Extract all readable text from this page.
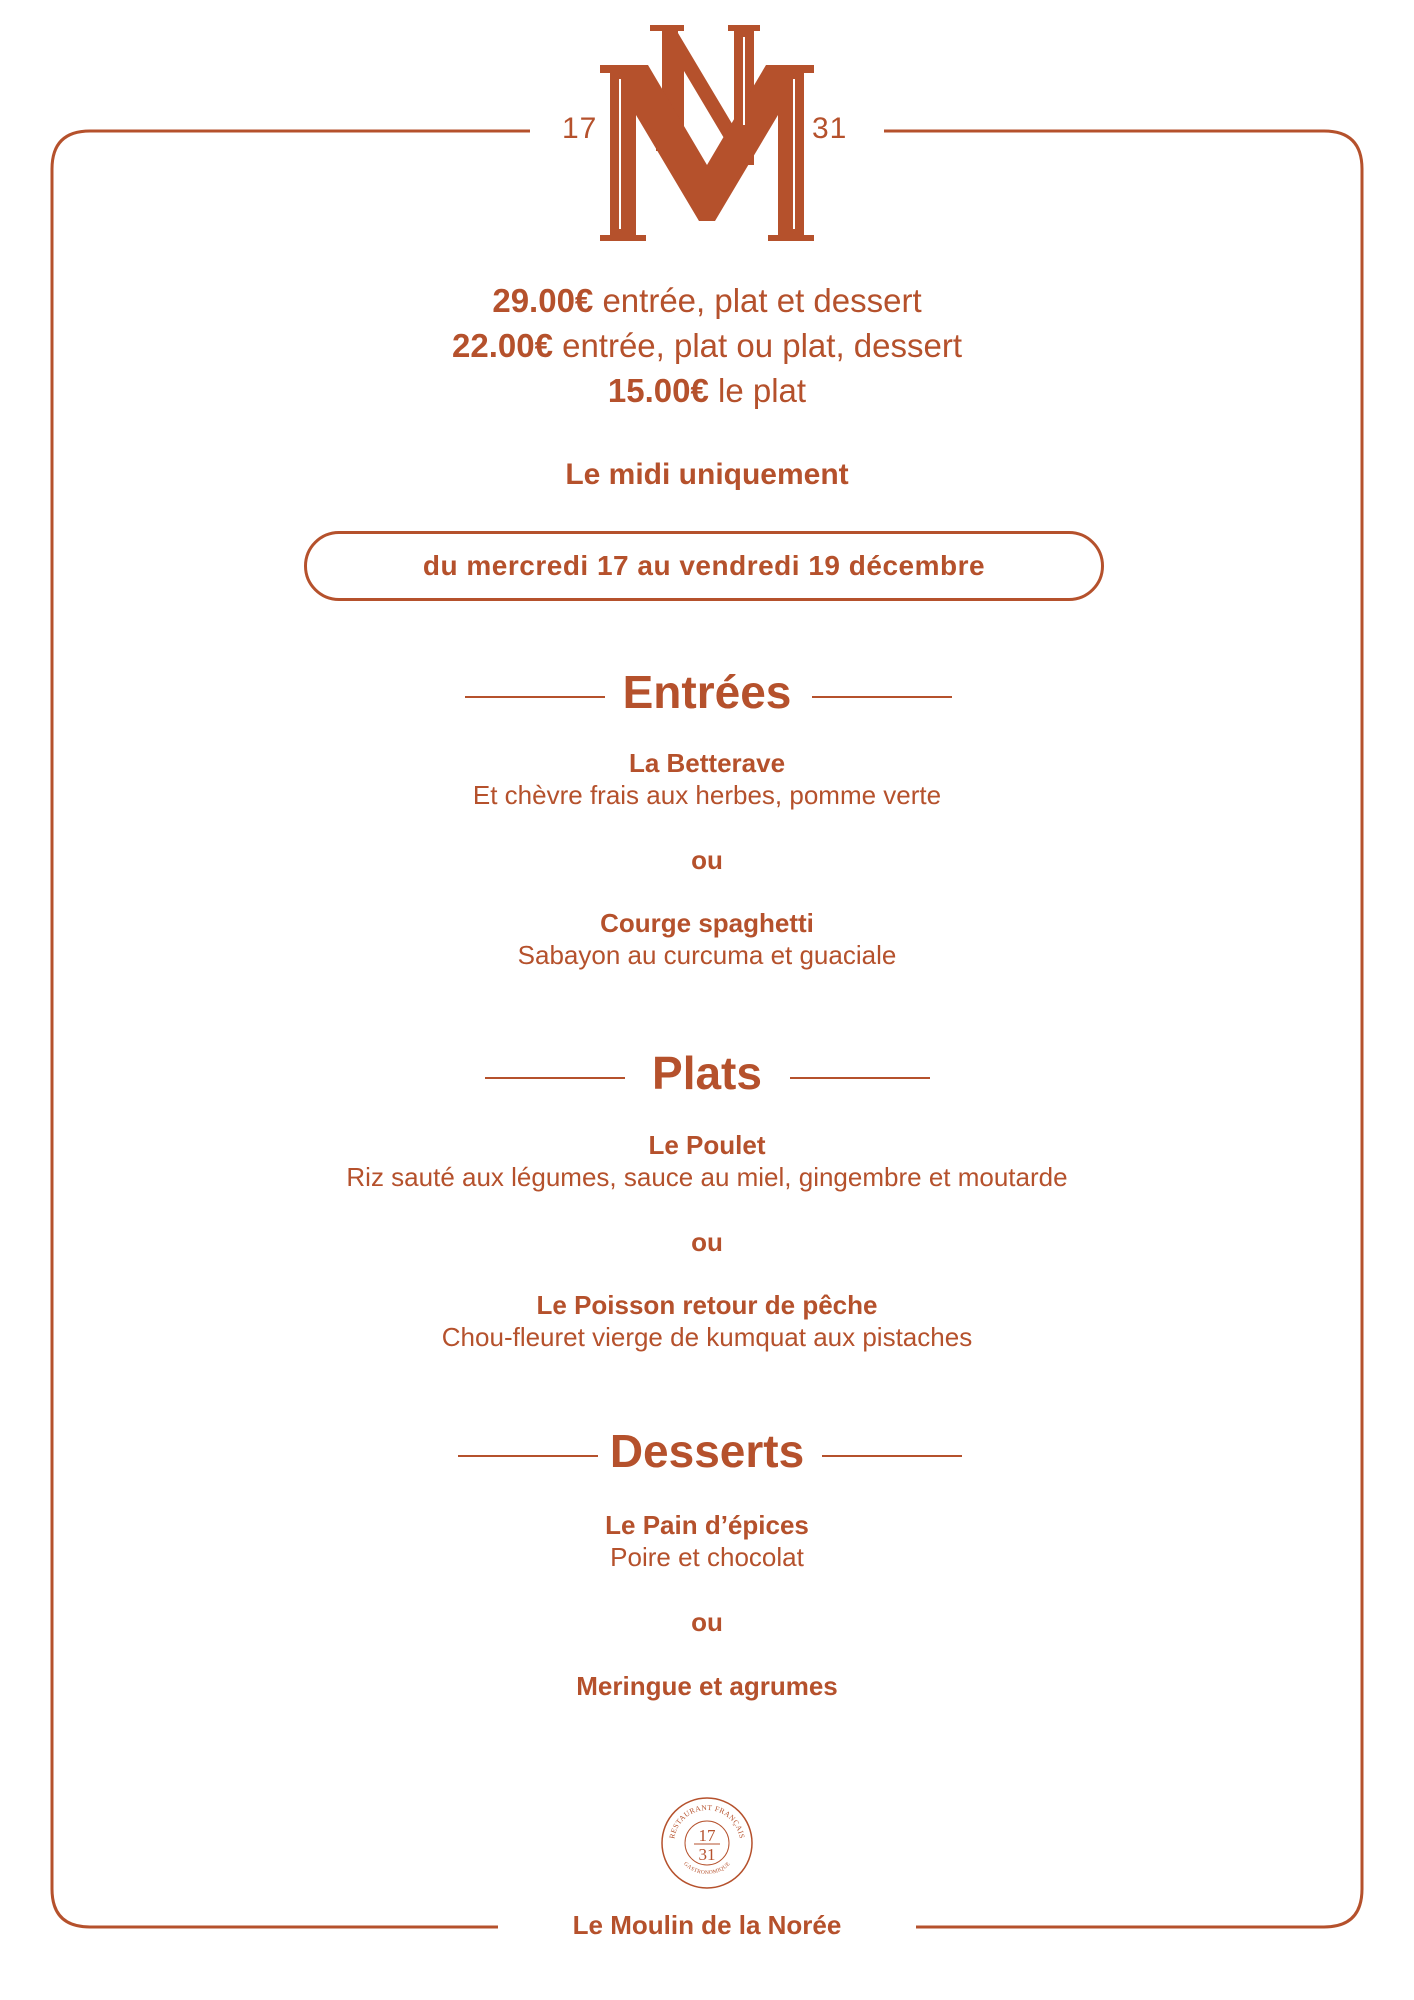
17	31
29.00€ entrée, plat et dessert
22.00€ entrée, plat ou plat, dessert
15.00€ le plat
Le midi uniquement
du mercredi 17 au vendredi 19 décembre
Entrées
La Betterave
Et chèvre frais aux herbes, pomme verte
ou
Courge spaghetti
Sabayon au curcuma et guaciale
Plats
Le Poulet
Riz sauté aux légumes, sauce au miel, gingembre et moutarde
ou
Le Poisson retour de pêche
Chou-fleuret vierge de kumquat aux pistaches
Desserts
Le Pain d’épices
Poire et chocolat
ou
Meringue et agrumes
RESTAURANT FRANÇAIS
GASTRONOMIQUE
17
31
Le Moulin de la Norée
